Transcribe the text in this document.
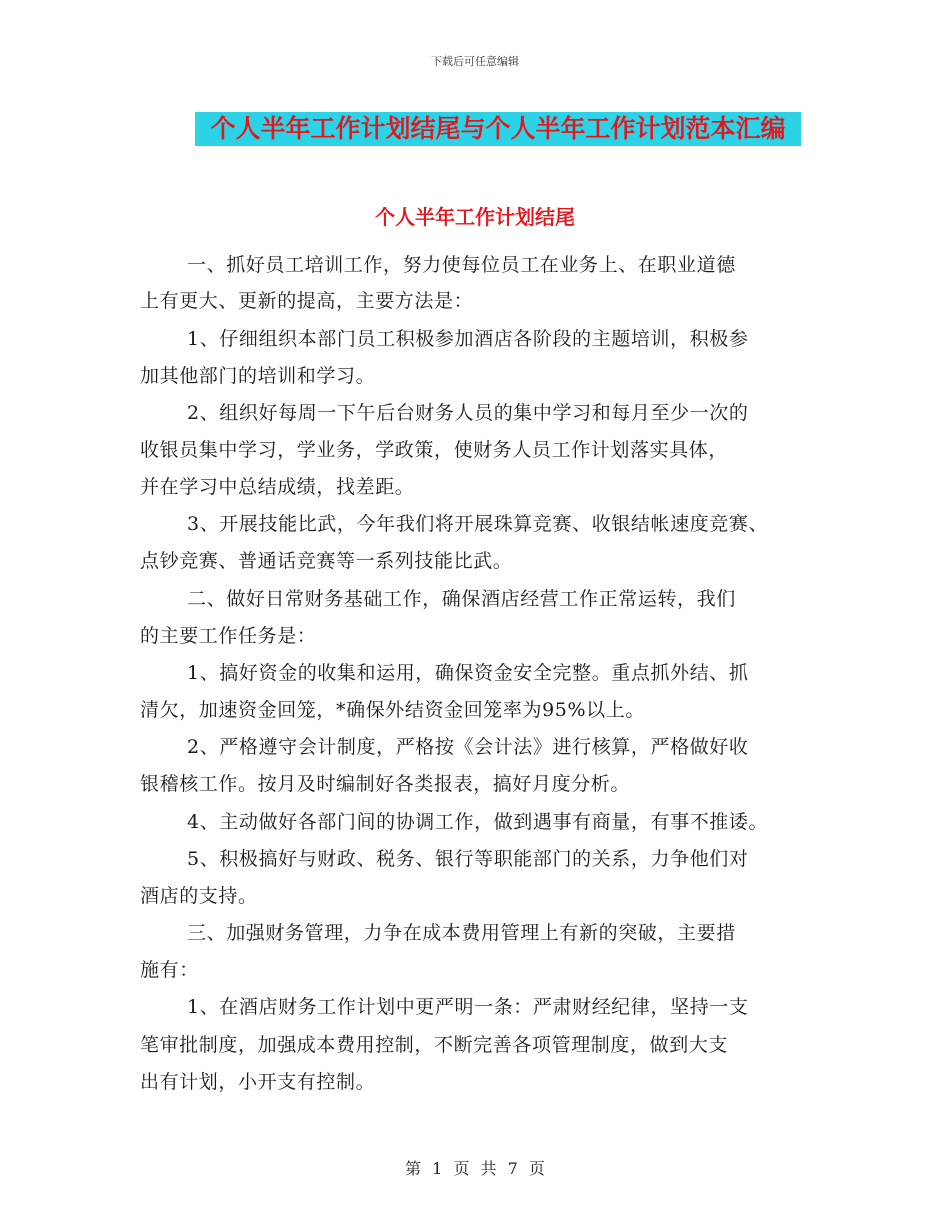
下载后可任意编辑
个人半年工作计划结尾与个人半年工作计划范本汇编
个人半年工作计划结尾
一、抓好员工培训工作，努力使每位员工在业务上、在职业道德
上有更大、更新的提高，主要方法是：
1、仔细组织本部门员工积极参加酒店各阶段的主题培训，积极参
加其他部门的培训和学习。
2、组织好每周一下午后台财务人员的集中学习和每月至少一次的
收银员集中学习，学业务，学政策，使财务人员工作计划落实具体，
并在学习中总结成绩，找差距。
3、开展技能比武，今年我们将开展珠算竞赛、收银结帐速度竞赛、
点钞竞赛、普通话竞赛等一系列技能比武。
二、做好日常财务基础工作，确保酒店经营工作正常运转，我们
的主要工作任务是：
1、搞好资金的收集和运用，确保资金安全完整。重点抓外结、抓
清欠，加速资金回笼，*确保外结资金回笼率为95%以上。
2、严格遵守会计制度，严格按《会计法》进行核算，严格做好收
银稽核工作。按月及时编制好各类报表，搞好月度分析。
4、主动做好各部门间的协调工作，做到遇事有商量，有事不推诿。
5、积极搞好与财政、税务、银行等职能部门的关系，力争他们对
酒店的支持。
三、加强财务管理，力争在成本费用管理上有新的突破，主要措
施有：
1、在酒店财务工作计划中更严明一条：严肃财经纪律，坚持一支
笔审批制度，加强成本费用控制，不断完善各项管理制度，做到大支
出有计划，小开支有控制。
第 1 页 共 7 页
